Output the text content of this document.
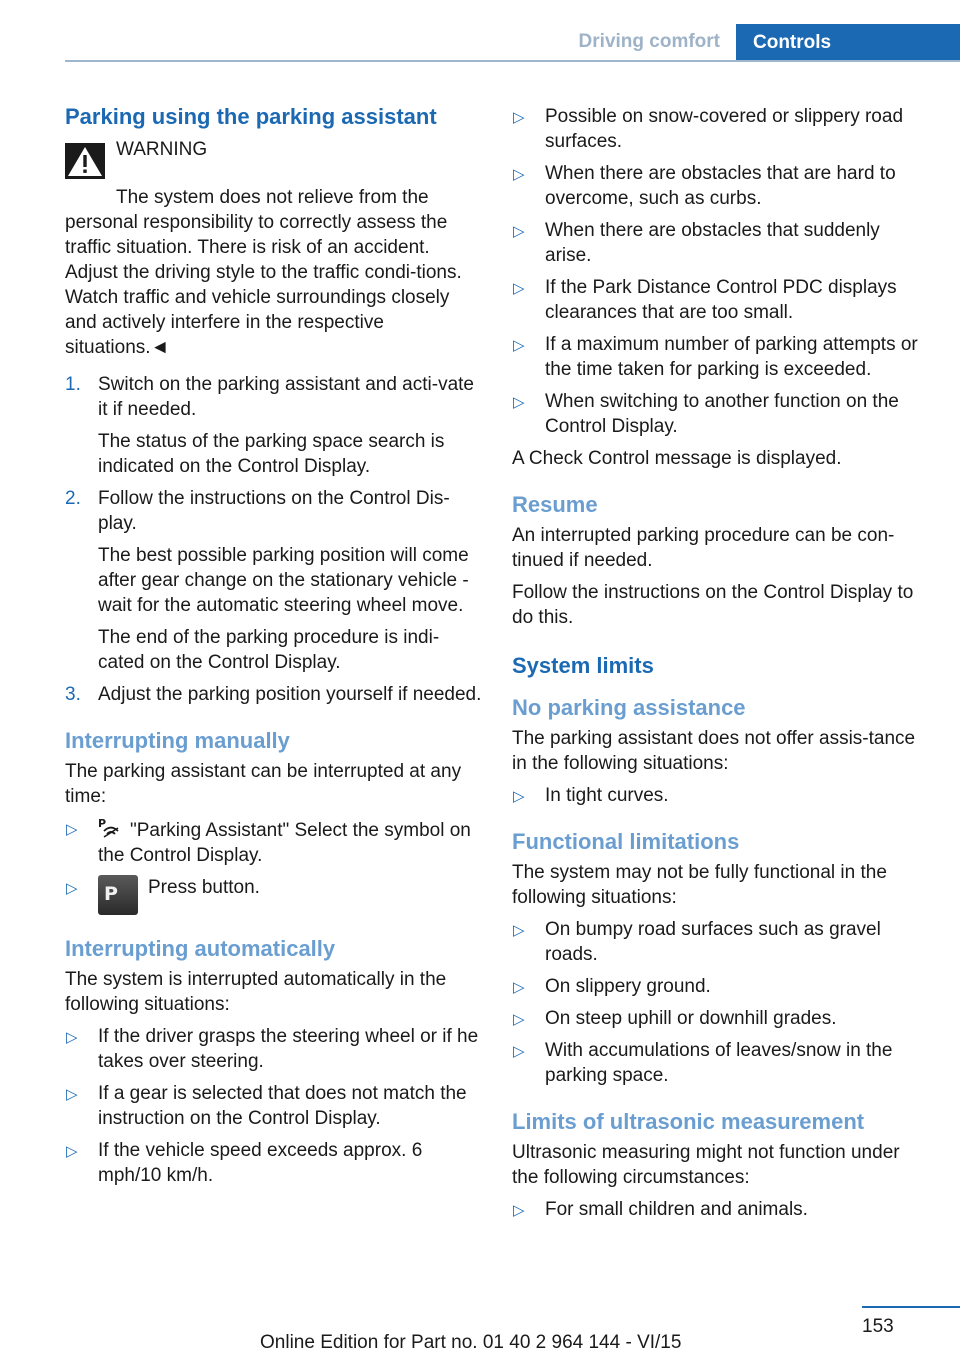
Driving comfort	Controls
Parking using the parking assistant
WARNING

The system does not relieve from the personal responsibility to correctly assess the traffic situation. There is risk of an accident. Adjust the driving style to the traffic condi‐tions. Watch traffic and vehicle surroundings closely and actively interfere in the respective situations.◄

1. Switch on the parking assistant and acti‐vate it if needed.

The status of the parking space search is indicated on the Control Display.

2. Follow the instructions on the Control Dis‐play.

The best possible parking position will come after gear change on the stationary vehicle - wait for the automatic steering wheel move.

The end of the parking procedure is indi‐cated on the Control Display.

3. Adjust the parking position yourself if needed.
Interrupting manually

The parking assistant can be interrupted at any time:

▷ P "Parking Assistant" Select the symbol on the Control Display.
▷ P Press button.
Interrupting automatically

The system is interrupted automatically in the following situations:

▷ If the driver grasps the steering wheel or if he takes over steering.
▷ If a gear is selected that does not match the instruction on the Control Display.
▷ If the vehicle speed exceeds approx. 6 mph/10 km/h.
▷ Possible on snow-covered or slippery road surfaces.
▷ When there are obstacles that are hard to overcome, such as curbs.
▷ When there are obstacles that suddenly arise.
▷ If the Park Distance Control PDC displays clearances that are too small.
▷ If a maximum number of parking attempts or the time taken for parking is exceeded.
▷ When switching to another function on the Control Display.

A Check Control message is displayed.

Resume

An interrupted parking procedure can be con‐tinued if needed.

Follow the instructions on the Control Display to do this.

System limits
No parking assistance

The parking assistant does not offer assis‐tance in the following situations:

▷ In tight curves.
Functional limitations

The system may not be fully functional in the following situations:

▷ On bumpy road surfaces such as gravel roads.
▷ On slippery ground.
▷ On steep uphill or downhill grades.
▷ With accumulations of leaves/snow in the parking space.
Limits of ultrasonic measurement

Ultrasonic measuring might not function under the following circumstances:

▷ For small children and animals.
153
Online Edition for Part no. 01 40 2 964 144 - VI/15
